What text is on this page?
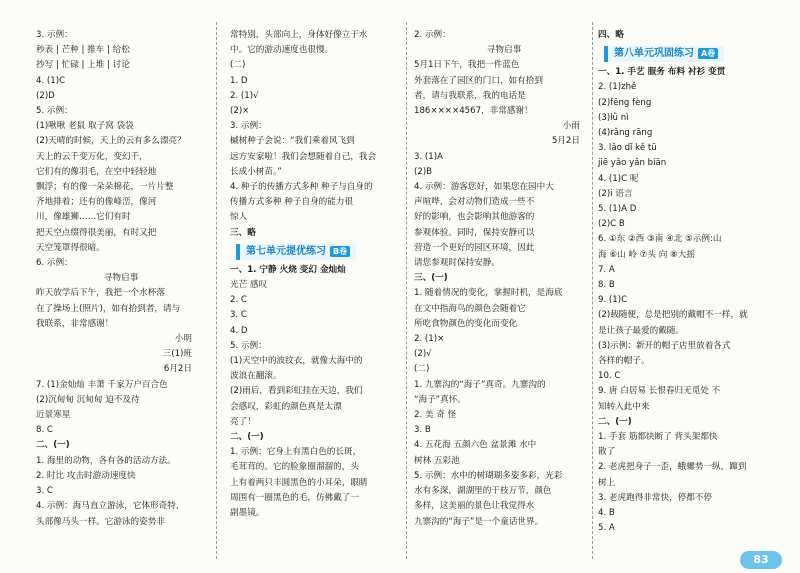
3. 示例：
秒表 | 芒种 | 推车 | 给松
抄写 | 忙碌 | 上堆 | 讨论
4. (1)C
(2)D
5. 示例：
(1)啾啾 老鼠 取子窝 袋袋
(2)天晴的时候，天上的云有多么漂亮？
天上的云千变万化，变幻千，
它们有的像羽毛，在空中轻轻地
飘浮；有的像一朵朵棉花，一片片整
齐地排着；还有的像峰峦，像河
川，像雄狮……它们有时
把天空点缀得很美丽，有时又把
天空笼罩得很暗。
6. 示例：
寻物启事
昨天放学后下午，我把一个水杯落
在了操场上(照片)，如有拾到者，请与
我联系，非常感谢！
小明
三(1)班
6月2日
7. (1)金灿灿 丰萧 千家万户百合色
(2)沉甸甸 沉甸甸 迫不及待
近景寒星
8. C
二、(一)
1. 海里的动物，各有各的活动方法。
2. 时比 攻击时游动速度快
3. C
4. 示例：海马直立游泳，它体形奇特，
头部像马头一样。它游泳的姿势非
常特别，头部向上，身体好像立于水
中。它的游动速度也很慢。
(二)
1. D
2. (1)√
(2)×
3. 示例：
槭树种子会说：“我们乘着风飞到
远方安家啦！我们会想随着自己，我会
长成小树苗。”
4. 种子的传播方式多种 种子与自身的
传播方式多种 种子自身的能力很
惊人
三、略
第七单元提优练习 B卷
一、1. 宁静 火烧 变幻 金灿灿
光芒 感叹
2. C
3. C
4. D
5. 示例：
(1)天空中的波纹衣，就像大海中的
波浪在翻滚。
(2)雨后，看到彩虹挂在天边，我们
会感叹，彩虹的颜色真是太漂
亮了！
二、(一)
1. 示例：它身上有黑白色的长斑，
毛茸茸的。它的脸象圈溜溜的，头
上有着两只丰圆黑色的小耳朵，眼睛
周围有一圈黑色的毛，仿佛戴了一
副墨镜。
2. 示例：
寻物启事
5月1日下午，我把一件蓝色
外套落在了园区的门口，如有拾到
者，请与我联系，我的电话是
186××××4567，非常感谢！
小雨
5月2日
3. (1)A
(2)B
4. 示例：游客您好，如果您在园中大
声喧哗，会对动物们造成一些不
好的影响，也会影响其他游客的
参观体验。同时，保持安静可以
营造一个更好的园区环境，因此
请您参观时保持安静。
三、(一)
1. 随着情况的变化，掌握时机，是海底
在文中指海鸟的颜色会随着它
所吃食物颜色的变化而变化
2. (1)×
(2)√
(二)
1. 九寨沟的“海子”真奇。九寨沟的
“海子”真怀。
2. 美 奇 怪
3. B
4. 五花海 五颜六色 盆景滩 水中
树林 五彩池
5. 示例：水中的树瑚瑚多姿多彩，光彩
水有多深，湖湖里的干枝万节，颜色
多样，这美丽的景色让我觉得水
九寨沟的“海子”是一个童话世界。
四、略
第八单元巩固练习 A卷
一、1. 手艺 服务 布料 衬衫 变贯
2. (1)zhě
(2)fēng fèng
(3)lǜ nì
(4)rǎng rāng
3. lǎo dǐ kě tū
jiē yǎo yǎn biān
4. (1)C 呢
(2)i 语言
5. (1)A D
(2)C B
6. ①东 ②西 ③南 ④北 ⑤示例:山
海 ⑥山 岭 ⑦头 向 ⑧大摇
7. A
8. B
9. (1)C
(2)载随便，总是把别的戴帽不一样，就
是让孩子最爱的戴随。
(3)示例：新开的帽子店里放着各式
各样的帽子。
10. C
9. 唐 白居易 长恨春归无觅处 不
知转入此中来
二、(一)
1. 手套 筋都快断了 背头架都快
散了
2. 老虎把身子一歪，蛾螺势一纵，蹿到
树上
3. 老虎跑得非常快，停都不停
4. B
5. A
83
